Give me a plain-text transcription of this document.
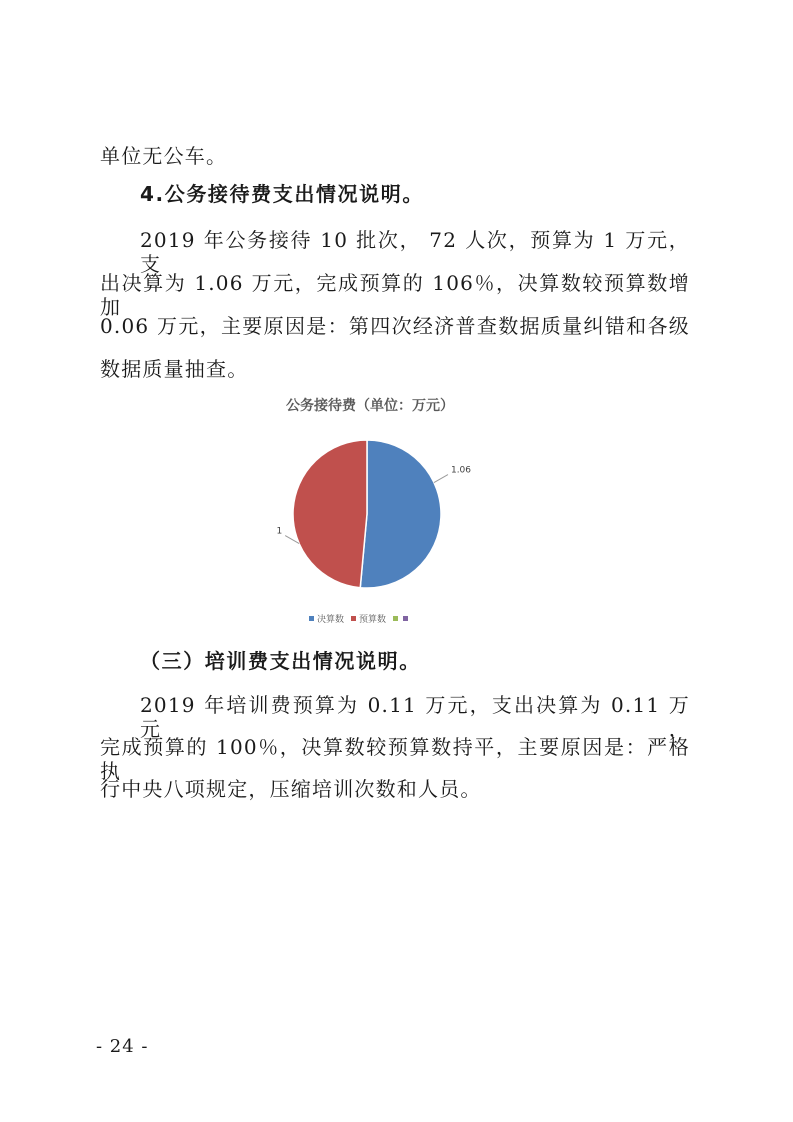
单位无公车。
4.公务接待费支出情况说明。
2019 年公务接待 10 批次， 72 人次，预算为 1 万元，支
出决算为 1.06 万元，完成预算的 106％，决算数较预算数增加
0.06 万元，主要原因是：第四次经济普查数据质量纠错和各级
数据质量抽查。
公务接待费（单位：万元）
1.06
1
决算数 预算数
（三）培训费支出情况说明。
2019 年培训费预算为 0.11 万元，支出决算为 0.11 万元，
完成预算的 100％，决算数较预算数持平，主要原因是：严格执
行中央八项规定，压缩培训次数和人员。
- 24 -
